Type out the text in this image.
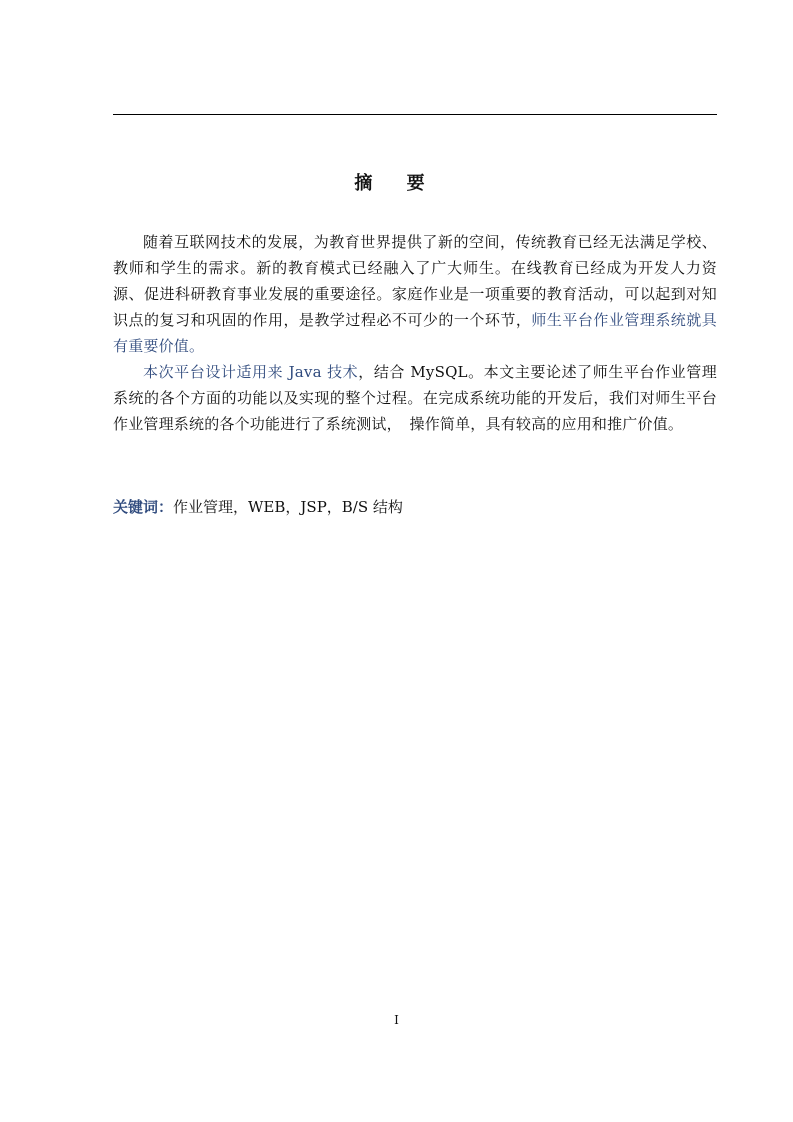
摘 要

随着互联网技术的发展，为教育世界提供了新的空间，传统教育已经无法满足学校、教师和学生的需求。新的教育模式已经融入了广大师生。在线教育已经成为开发人力资源、促进科研教育事业发展的重要途径。家庭作业是一项重要的教育活动，可以起到对知识点的复习和巩固的作用，是教学过程必不可少的一个环节，师生平台作业管理系统就具有重要价值。

本次平台设计适用来 Java 技术，结合 MySQL。本文主要论述了师生平台作业管理系统的各个方面的功能以及实现的整个过程。在完成系统功能的开发后，我们对师生平台作业管理系统的各个功能进行了系统测试，　操作简单，具有较高的应用和推广价值。

关键词：作业管理，WEB，JSP，B/S 结构
I
